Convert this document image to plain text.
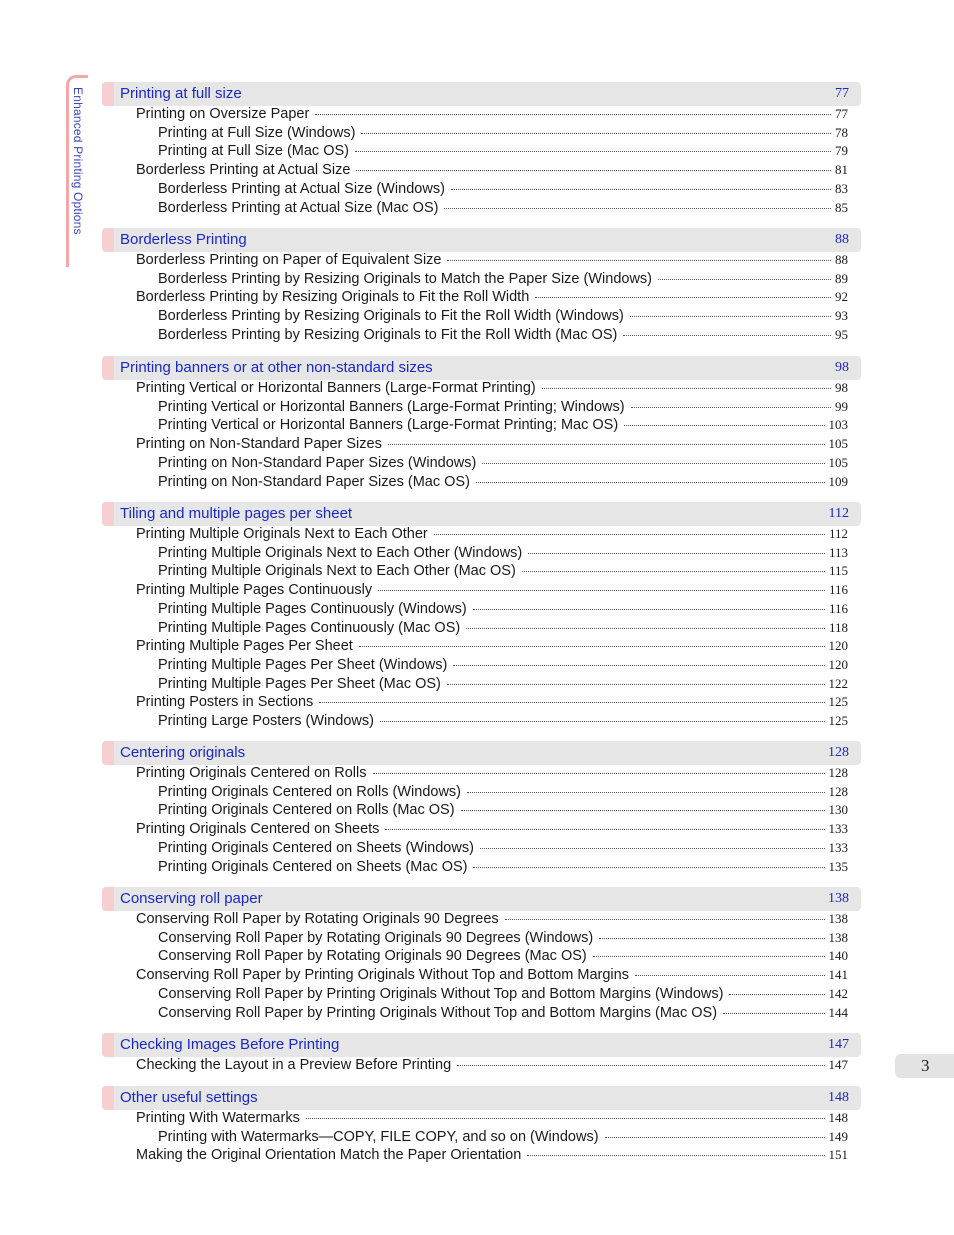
Enhanced Printing Options Printing at full size	77
Printing on Oversize Paper	77
Printing at Full Size (Windows)	78
Printing at Full Size (Mac OS)	79
Borderless Printing at Actual Size	81
Borderless Printing at Actual Size (Windows)	83
Borderless Printing at Actual Size (Mac OS)	85
Borderless Printing	88
Borderless Printing on Paper of Equivalent Size	88
Borderless Printing by Resizing Originals to Match the Paper Size (Windows)	89
Borderless Printing by Resizing Originals to Fit the Roll Width	92
Borderless Printing by Resizing Originals to Fit the Roll Width (Windows)	93
Borderless Printing by Resizing Originals to Fit the Roll Width (Mac OS)	95
Printing banners or at other non-standard sizes	98
Printing Vertical or Horizontal Banners (Large-Format Printing)	98
Printing Vertical or Horizontal Banners (Large-Format Printing; Windows)	99
Printing Vertical or Horizontal Banners (Large-Format Printing; Mac OS)	103
Printing on Non-Standard Paper Sizes	105
Printing on Non-Standard Paper Sizes (Windows)	105
Printing on Non-Standard Paper Sizes (Mac OS)	109
Tiling and multiple pages per sheet	112
Printing Multiple Originals Next to Each Other	112
Printing Multiple Originals Next to Each Other (Windows)	113
Printing Multiple Originals Next to Each Other (Mac OS)	115
Printing Multiple Pages Continuously	116
Printing Multiple Pages Continuously (Windows)	116
Printing Multiple Pages Continuously (Mac OS)	118
Printing Multiple Pages Per Sheet	120
Printing Multiple Pages Per Sheet (Windows)	120
Printing Multiple Pages Per Sheet (Mac OS)	122
Printing Posters in Sections	125
Printing Large Posters (Windows)	125
Centering originals	128
Printing Originals Centered on Rolls	128
Printing Originals Centered on Rolls (Windows)	128
Printing Originals Centered on Rolls (Mac OS)	130
Printing Originals Centered on Sheets	133
Printing Originals Centered on Sheets (Windows)	133
Printing Originals Centered on Sheets (Mac OS)	135
Conserving roll paper	138
Conserving Roll Paper by Rotating Originals 90 Degrees	138
Conserving Roll Paper by Rotating Originals 90 Degrees (Windows)	138
Conserving Roll Paper by Rotating Originals 90 Degrees (Mac OS)	140
Conserving Roll Paper by Printing Originals Without Top and Bottom Margins	141
Conserving Roll Paper by Printing Originals Without Top and Bottom Margins (Windows)	142
Conserving Roll Paper by Printing Originals Without Top and Bottom Margins (Mac OS)	144
Checking Images Before Printing	147
Checking the Layout in a Preview Before Printing	147
Other useful settings	148
Printing With Watermarks	148
Printing with Watermarks—COPY, FILE COPY, and so on (Windows)	149
Making the Original Orientation Match the Paper Orientation	151
3
